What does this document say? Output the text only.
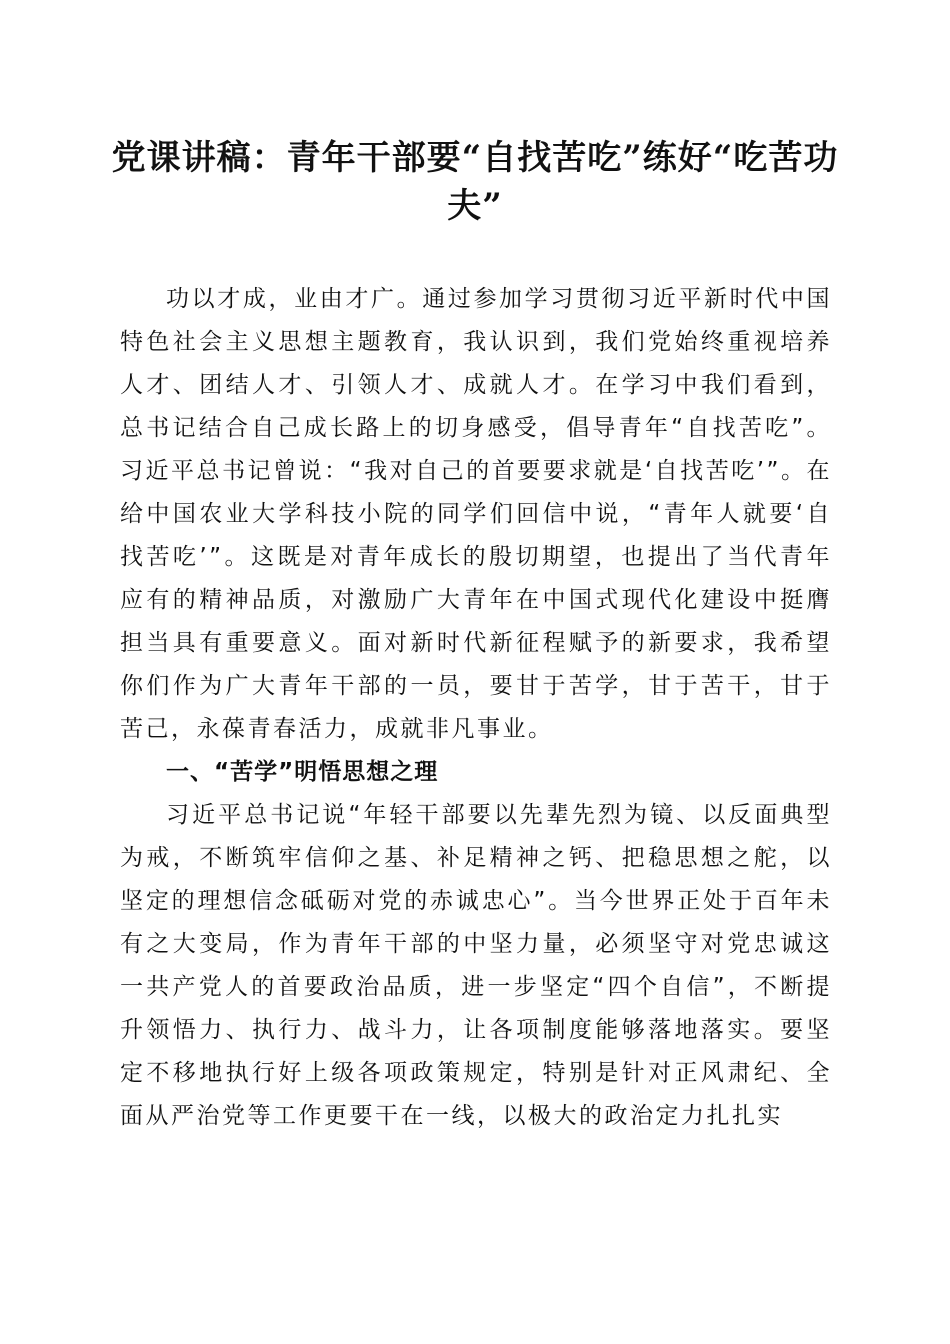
党课讲稿：青年干部要“自找苦吃”练好“吃苦功夫”

功以才成，业由才广。通过参加学习贯彻习近平新时代中国特色社会主义思想主题教育，我认识到，我们党始终重视培养人才、团结人才、引领人才、成就人才。在学习中我们看到，总书记结合自己成长路上的切身感受，倡导青年“自找苦吃”。习近平总书记曾说：“我对自己的首要要求就是‘自找苦吃’”。在给中国农业大学科技小院的同学们回信中说，“青年人就要‘自找苦吃’”。这既是对青年成长的殷切期望，也提出了当代青年应有的精神品质，对激励广大青年在中国式现代化建设中挺膺担当具有重要意义。面对新时代新征程赋予的新要求，我希望你们作为广大青年干部的一员，要甘于苦学，甘于苦干，甘于苦己，永葆青春活力，成就非凡事业。

一、“苦学”明悟思想之理

习近平总书记说“年轻干部要以先辈先烈为镜、以反面典型为戒，不断筑牢信仰之基、补足精神之钙、把稳思想之舵，以坚定的理想信念砥砺对党的赤诚忠心”。当今世界正处于百年未有之大变局，作为青年干部的中坚力量，必须坚守对党忠诚这一共产党人的首要政治品质，进一步坚定“四个自信”，不断提升领悟力、执行力、战斗力，让各项制度能够落地落实。要坚定不移地执行好上级各项政策规定，特别是针对正风肃纪、全面从严治党等工作更要干在一线，以极大的政治定力扎扎实
